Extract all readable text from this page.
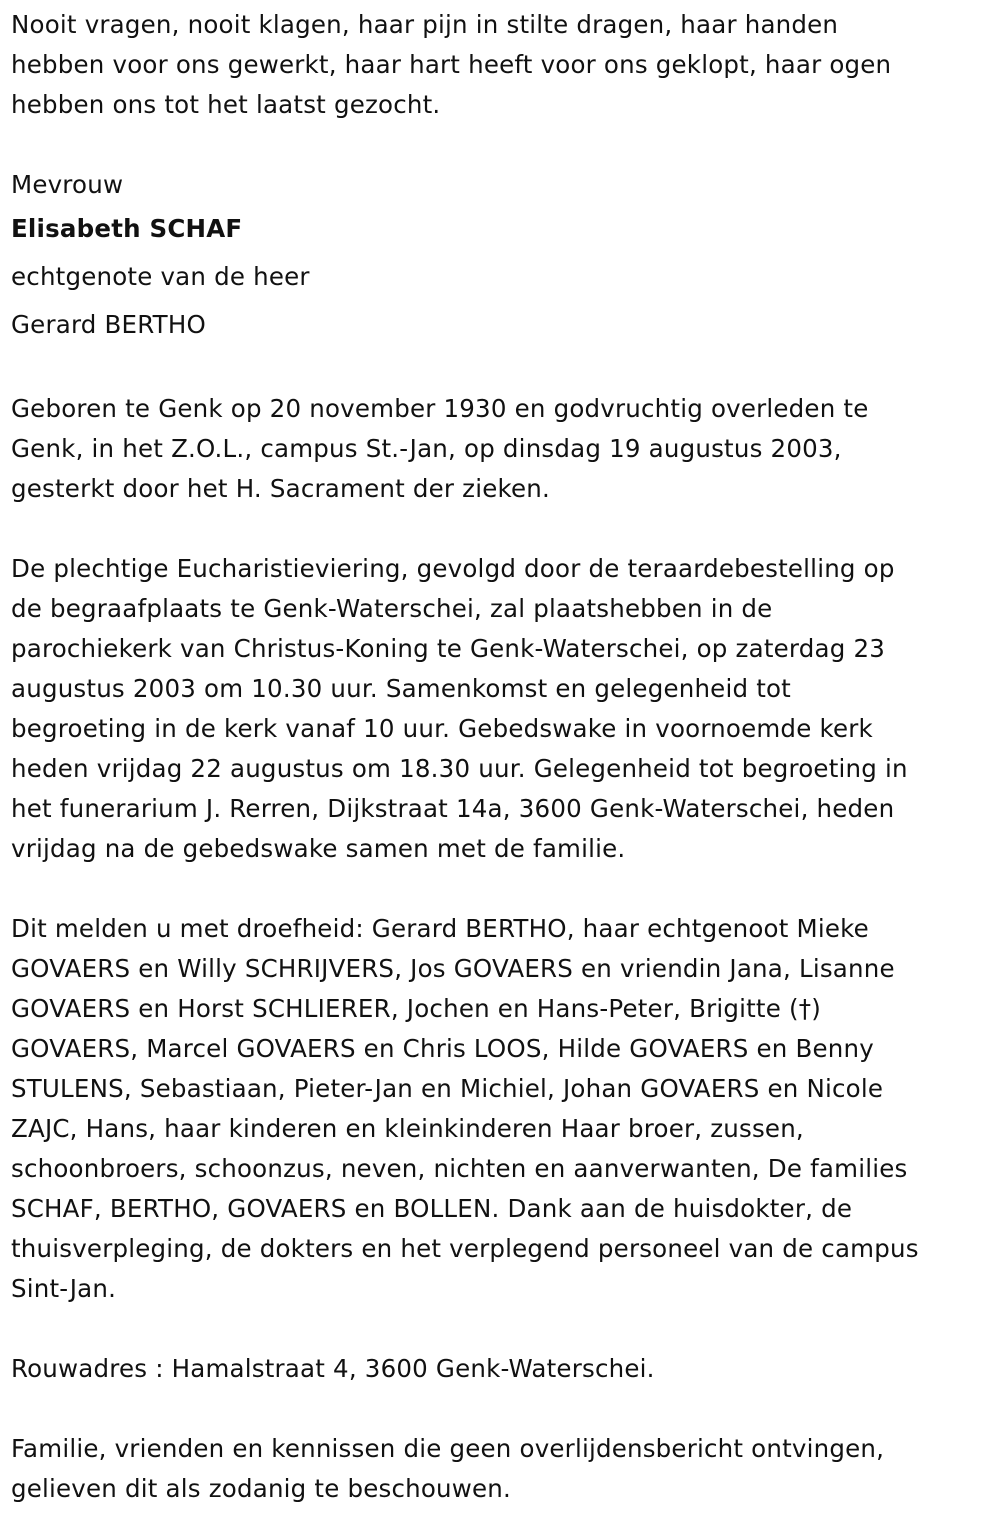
Nooit vragen, nooit klagen, haar pijn in stilte dragen, haar handen
hebben voor ons gewerkt, haar hart heeft voor ons geklopt, haar ogen
hebben ons tot het laatst gezocht.
Mevrouw
Elisabeth SCHAF
echtgenote van de heer
Gerard BERTHO
Geboren te Genk op 20 november 1930 en godvruchtig overleden te
Genk, in het Z.O.L., campus St.-Jan, op dinsdag 19 augustus 2003,
gesterkt door het H. Sacrament der zieken.
De plechtige Eucharistieviering, gevolgd door de teraardebestelling op
de begraafplaats te Genk-Waterschei, zal plaatshebben in de
parochiekerk van Christus-Koning te Genk-Waterschei, op zaterdag 23
augustus 2003 om 10.30 uur. Samenkomst en gelegenheid tot
begroeting in de kerk vanaf 10 uur. Gebedswake in voornoemde kerk
heden vrijdag 22 augustus om 18.30 uur. Gelegenheid tot begroeting in
het funerarium J. Rerren, Dijkstraat 14a, 3600 Genk-Waterschei, heden
vrijdag na de gebedswake samen met de familie.
Dit melden u met droefheid: Gerard BERTHO, haar echtgenoot Mieke
GOVAERS en Willy SCHRIJVERS, Jos GOVAERS en vriendin Jana, Lisanne
GOVAERS en Horst SCHLIERER, Jochen en Hans-Peter, Brigitte (†)
GOVAERS, Marcel GOVAERS en Chris LOOS, Hilde GOVAERS en Benny
STULENS, Sebastiaan, Pieter-Jan en Michiel, Johan GOVAERS en Nicole
ZAJC, Hans, haar kinderen en kleinkinderen Haar broer, zussen,
schoonbroers, schoonzus, neven, nichten en aanverwanten, De families
SCHAF, BERTHO, GOVAERS en BOLLEN. Dank aan de huisdokter, de
thuisverpleging, de dokters en het verplegend personeel van de campus
Sint-Jan.
Rouwadres : Hamalstraat 4, 3600 Genk-Waterschei.
Familie, vrienden en kennissen die geen overlijdensbericht ontvingen,
gelieven dit als zodanig te beschouwen.
